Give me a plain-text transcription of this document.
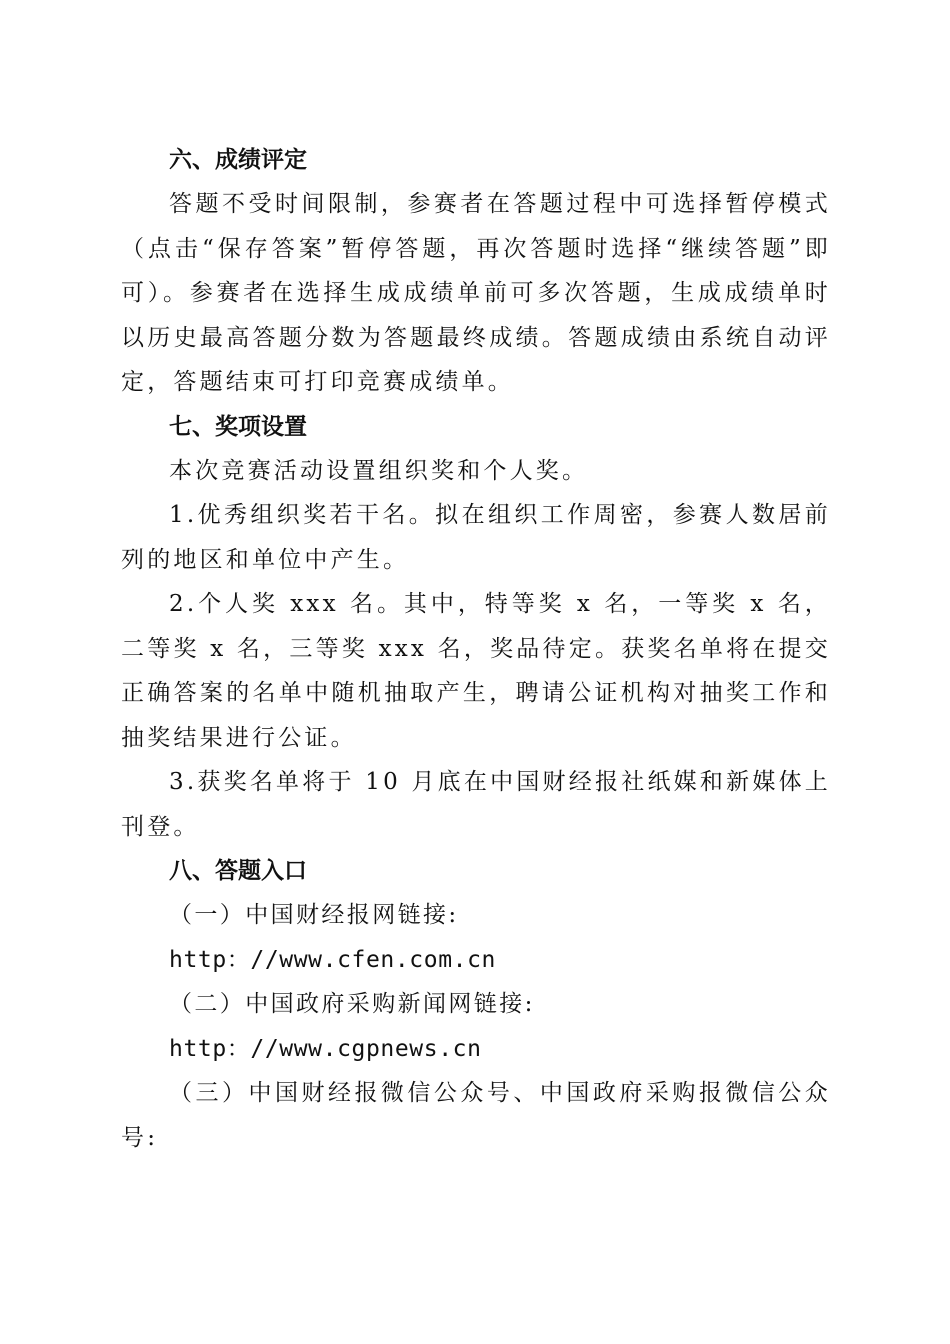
六、成绩评定
答题不受时间限制，参赛者在答题过程中可选择暂停模式（点击“保存答案”暂停答题，再次答题时选择“继续答题”即可）。参赛者在选择生成成绩单前可多次答题，生成成绩单时以历史最高答题分数为答题最终成绩。答题成绩由系统自动评定，答题结束可打印竞赛成绩单。
七、奖项设置
本次竞赛活动设置组织奖和个人奖。
1.优秀组织奖若干名。拟在组织工作周密，参赛人数居前列的地区和单位中产生。
2.个人奖 xxx 名。其中，特等奖 x 名，一等奖 x 名，二等奖 x 名，三等奖 xxx 名，奖品待定。获奖名单将在提交正确答案的名单中随机抽取产生，聘请公证机构对抽奖工作和抽奖结果进行公证。
3.获奖名单将于 10 月底在中国财经报社纸媒和新媒体上刊登。
八、答题入口
（一）中国财经报网链接:
http：//www.cfen.com.cn
（二）中国政府采购新闻网链接:
http：//www.cgpnews.cn
（三）中国财经报微信公众号、中国政府采购报微信公众号:
